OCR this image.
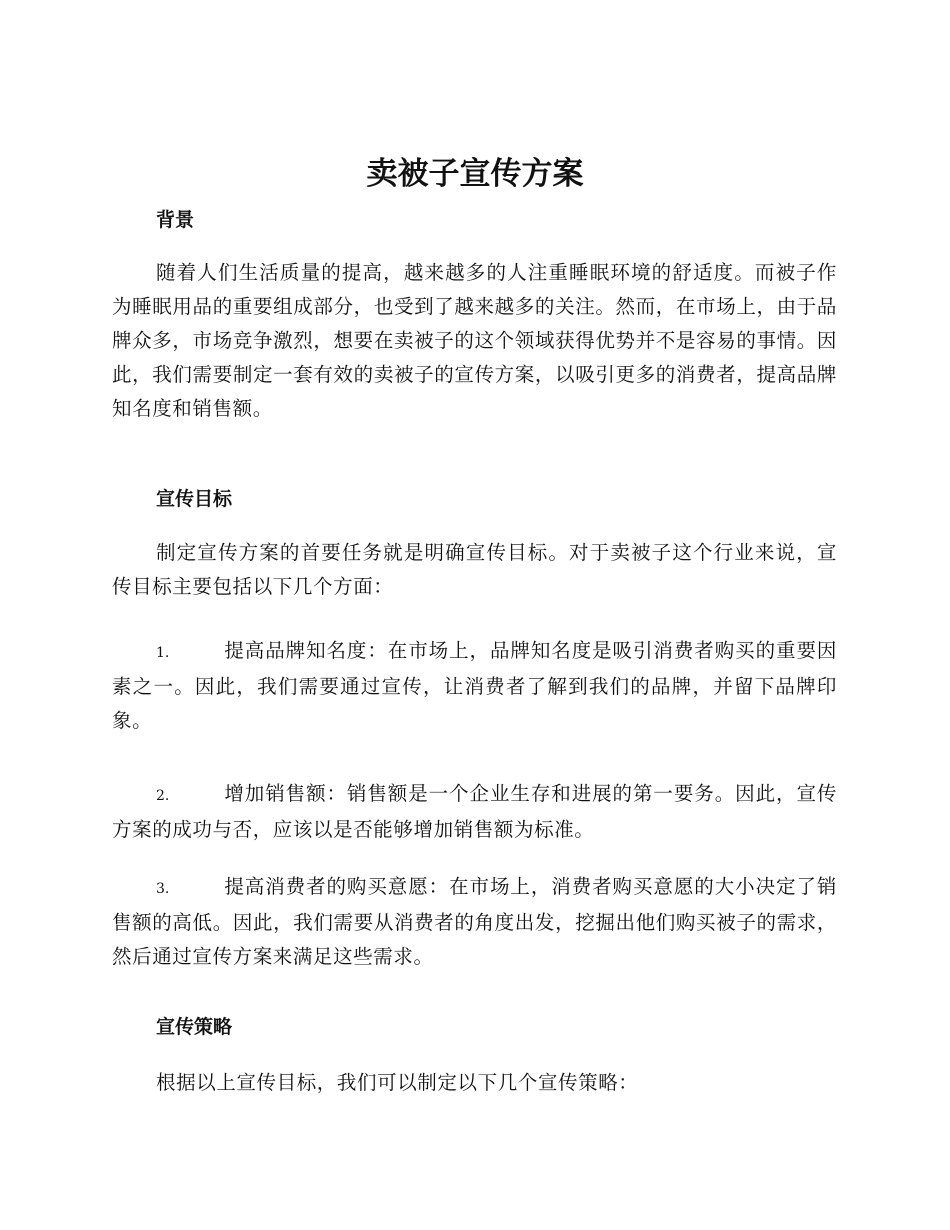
卖被子宣传方案
背景

随着人们生活质量的提高，越来越多的人注重睡眠环境的舒适度。而被子作为睡眠用品的重要组成部分，也受到了越来越多的关注。然而，在市场上，由于品牌众多，市场竞争激烈，想要在卖被子的这个领域获得优势并不是容易的事情。因此，我们需要制定一套有效的卖被子的宣传方案，以吸引更多的消费者，提高品牌知名度和销售额。

宣传目标

制定宣传方案的首要任务就是明确宣传目标。对于卖被子这个行业来说，宣传目标主要包括以下几个方面：

1.	提高品牌知名度：在市场上，品牌知名度是吸引消费者购买的重要因素之一。因此，我们需要通过宣传，让消费者了解到我们的品牌，并留下品牌印象。

2.	增加销售额：销售额是一个企业生存和进展的第一要务。因此，宣传方案的成功与否，应该以是否能够增加销售额为标准。

3.	提高消费者的购买意愿：在市场上，消费者购买意愿的大小决定了销售额的高低。因此，我们需要从消费者的角度出发，挖掘出他们购买被子的需求，然后通过宣传方案来满足这些需求。

宣传策略

根据以上宣传目标，我们可以制定以下几个宣传策略：
